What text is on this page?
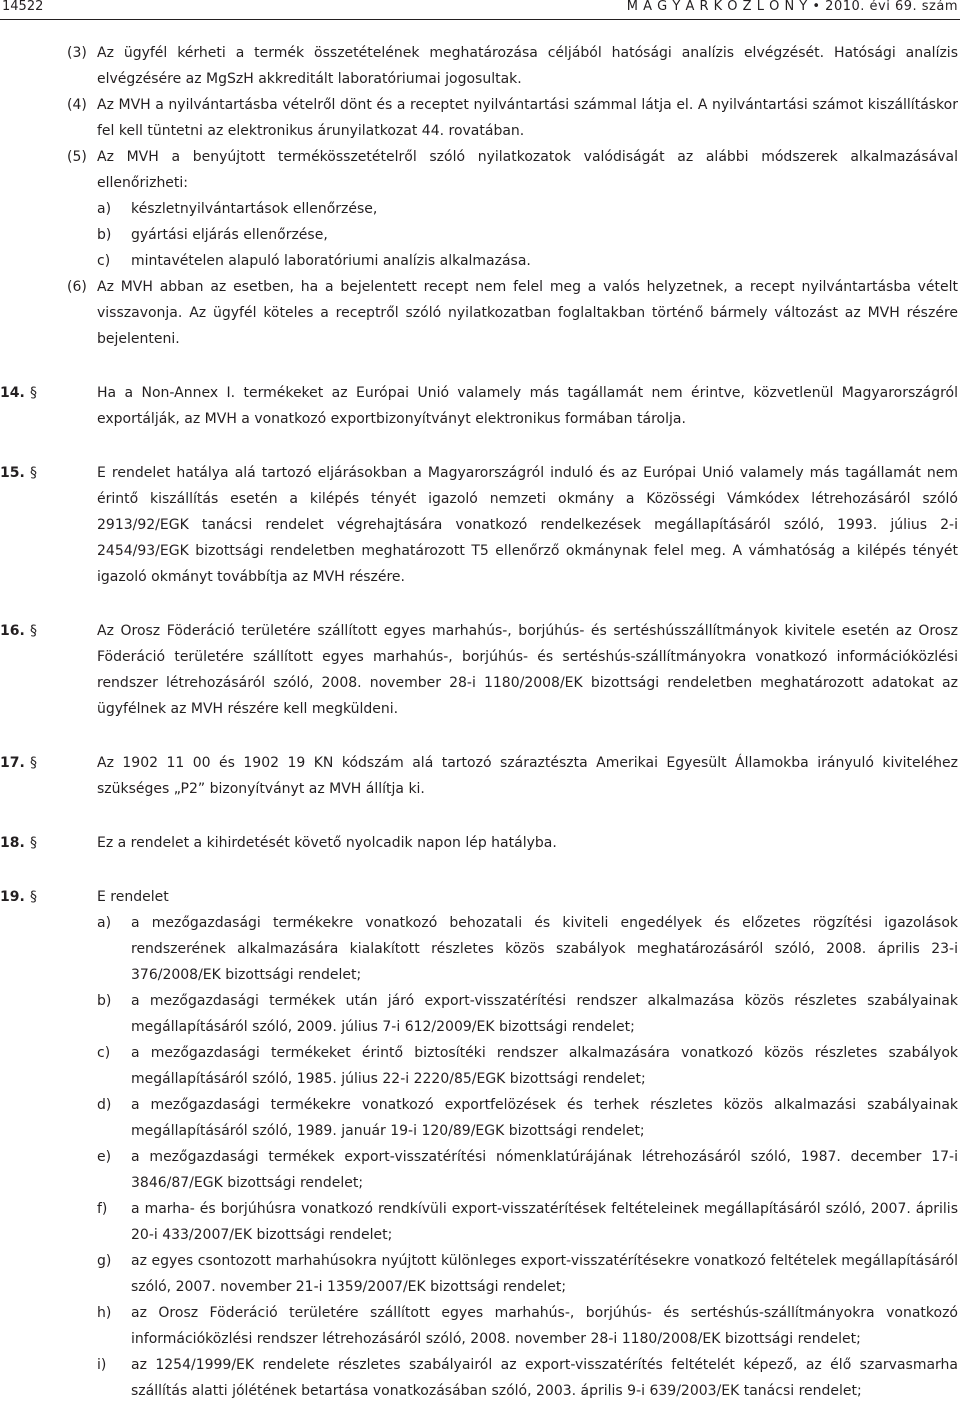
14522	M A G Y A R K Ö Z L Ö N Y • 2010. évi 69. szám
(3) Az ügyfél kérheti a termék összetételének meghatározása céljából hatósági analízis elvégzését. Hatósági analízis elvégzésére az MgSzH akkreditált laboratóriumai jogosultak.
(4) Az MVH a nyilvántartásba vételről dönt és a receptet nyilvántartási számmal látja el. A nyilvántartási számot kiszállításkor fel kell tüntetni az elektronikus árunyilatkozat 44. rovatában.
(5) Az MVH a benyújtott termékösszetételről szóló nyilatkozatok valódiságát az alábbi módszerek alkalmazásával ellenőrizheti:
a) készletnyilvántartások ellenőrzése,
b) gyártási eljárás ellenőrzése,
c) mintavételen alapuló laboratóriumi analízis alkalmazása.
(6) Az MVH abban az esetben, ha a bejelentett recept nem felel meg a valós helyzetnek, a recept nyilvántartásba vételt visszavonja. Az ügyfél köteles a receptről szóló nyilatkozatban foglaltakban történő bármely változást az MVH részére bejelenteni.
14. §	Ha a Non-Annex I. termékeket az Európai Unió valamely más tagállamát nem érintve, közvetlenül Magyarországról exportálják, az MVH a vonatkozó exportbizonyítványt elektronikus formában tárolja.
15. §	E rendelet hatálya alá tartozó eljárásokban a Magyarországról induló és az Európai Unió valamely más tagállamát nem érintő kiszállítás esetén a kilépés tényét igazoló nemzeti okmány a Közösségi Vámkódex létrehozásáról szóló 2913/92/EGK tanácsi rendelet végrehajtására vonatkozó rendelkezések megállapításáról szóló, 1993. július 2-i 2454/93/EGK bizottsági rendeletben meghatározott T5 ellenőrző okmánynak felel meg. A vámhatóság a kilépés tényét igazoló okmányt továbbítja az MVH részére.
16. §	Az Orosz Föderáció területére szállított egyes marhahús-, borjúhús- és sertéshússzállítmányok kivitele esetén az Orosz Föderáció területére szállított egyes marhahús-, borjúhús- és sertéshús-szállítmányokra vonatkozó információközlési rendszer létrehozásáról szóló, 2008. november 28-i 1180/2008/EK bizottsági rendeletben meghatározott adatokat az ügyfélnek az MVH részére kell megküldeni.
17. §	Az 1902 11 00 és 1902 19 KN kódszám alá tartozó száraztészta Amerikai Egyesült Államokba irányuló kiviteléhez szükséges „P2” bizonyítványt az MVH állítja ki.
18. §	Ez a rendelet a kihirdetését követő nyolcadik napon lép hatályba.
19. §	E rendelet
a) a mezőgazdasági termékekre vonatkozó behozatali és kiviteli engedélyek és előzetes rögzítési igazolások rendszerének alkalmazására kialakított részletes közös szabályok meghatározásáról szóló, 2008. április 23-i 376/2008/EK bizottsági rendelet;
b) a mezőgazdasági termékek után járó export-visszatérítési rendszer alkalmazása közös részletes szabályainak megállapításáról szóló, 2009. július 7-i 612/2009/EK bizottsági rendelet;
c) a mezőgazdasági termékeket érintő biztosítéki rendszer alkalmazására vonatkozó közös részletes szabályok megállapításáról szóló, 1985. július 22-i 2220/85/EGK bizottsági rendelet;
d) a mezőgazdasági termékekre vonatkozó exportfelözések és terhek részletes közös alkalmazási szabályainak megállapításáról szóló, 1989. január 19-i 120/89/EGK bizottsági rendelet;
e) a mezőgazdasági termékek export-visszatérítési nómenklatúrájának létrehozásáról szóló, 1987. december 17-i 3846/87/EGK bizottsági rendelet;
f) a marha- és borjúhúsra vonatkozó rendkívüli export-visszatérítések feltételeinek megállapításáról szóló, 2007. április 20-i 433/2007/EK bizottsági rendelet;
g) az egyes csontozott marhahúsokra nyújtott különleges export-visszatérítésekre vonatkozó feltételek megállapításáról szóló, 2007. november 21-i 1359/2007/EK bizottsági rendelet;
h) az Orosz Föderáció területére szállított egyes marhahús-, borjúhús- és sertéshús-szállítmányokra vonatkozó információközlési rendszer létrehozásáról szóló, 2008. november 28-i 1180/2008/EK bizottsági rendelet;
i) az 1254/1999/EK rendelete részletes szabályairól az export-visszatérítés feltételét képező, az élő szarvasmarha szállítás alatti jólétének betartása vonatkozásában szóló, 2003. április 9-i 639/2003/EK tanácsi rendelet;
